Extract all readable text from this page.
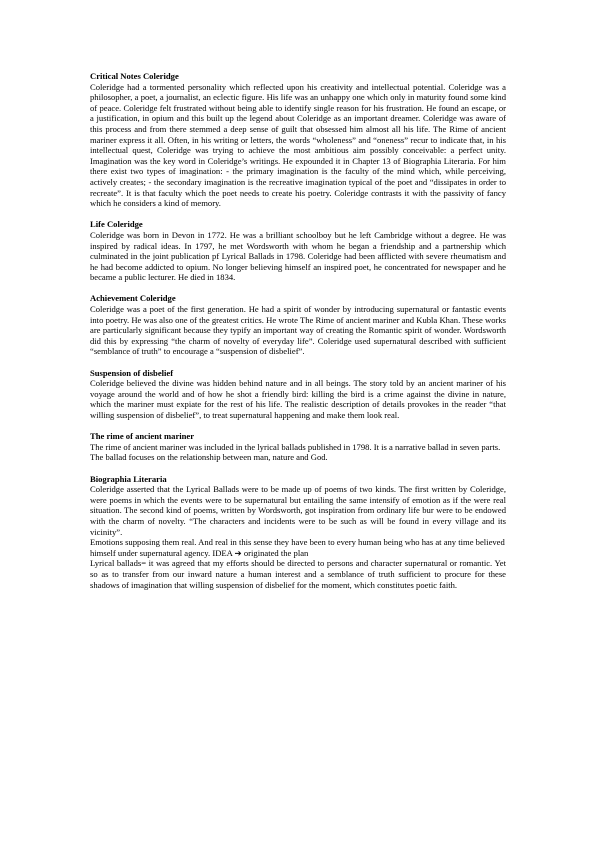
Critical Notes Coleridge

Coleridge had a tormented personality which reflected upon his creativity and intellectual potential. Coleridge was a philosopher, a poet, a journalist, an eclectic figure. His life was an unhappy one which only in maturity found some kind of peace. Coleridge felt frustrated without being able to identify single reason for his frustration. He found an escape, or a justification, in opium and this built up the legend about Coleridge as an important dreamer. Coleridge was aware of this process and from there stemmed a deep sense of guilt that obsessed him almost all his life. The Rime of ancient mariner express it all. Often, in his writing or letters, the words “wholeness” and “oneness” recur to indicate that, in his intellectual quest, Coleridge was trying to achieve the most ambitious aim possibly conceivable: a perfect unity. Imagination was the key word in Coleridge’s writings. He expounded it in Chapter 13 of Biographia Literaria. For him there exist two types of imagination: - the primary imagination is the faculty of the mind which, while perceiving, actively creates; - the secondary imagination is the recreative imagination typical of the poet and “dissipates in order to recreate”. It is that faculty which the poet needs to create his poetry. Coleridge contrasts it with the passivity of fancy which he considers a kind of memory.

Life Coleridge

Coleridge was born in Devon in 1772. He was a brilliant schoolboy but he left Cambridge without a degree. He was inspired by radical ideas. In 1797, he met Wordsworth with whom he began a friendship and a partnership which culminated in the joint publication pf Lyrical Ballads in 1798. Coleridge had been afflicted with severe rheumatism and he had become addicted to opium. No longer believing himself an inspired poet, he concentrated for newspaper and he became a public lecturer. He died in 1834.

Achievement Coleridge

Coleridge was a poet of the first generation. He had a spirit of wonder by introducing supernatural or fantastic events into poetry. He was also one of the greatest critics. He wrote The Rime of ancient mariner and Kubla Khan. These works are particularly significant because they typify an important way of creating the Romantic spirit of wonder. Wordsworth did this by expressing “the charm of novelty of everyday life”. Coleridge used supernatural described with sufficient “semblance of truth” to encourage a “suspension of disbelief”.

Suspension of disbelief

Coleridge believed the divine was hidden behind nature and in all beings. The story told by an ancient mariner of his voyage around the world and of how he shot a friendly bird: killing the bird is a crime against the divine in nature, which the mariner must expiate for the rest of his life. The realistic description of details provokes in the reader “that willing suspension of disbelief”, to treat supernatural happening and make them look real.

The rime of ancient mariner

The rime of ancient mariner was included in the lyrical ballads published in 1798. It is a narrative ballad in seven parts. The ballad focuses on the relationship between man, nature and God.

Biographia Literaria

Coleridge asserted that the Lyrical Ballads were to be made up of poems of two kinds. The first written by Coleridge, were poems in which the events were to be supernatural but entailing the same intensify of emotion as if the were real situation. The second kind of poems, written by Wordsworth, got inspiration from ordinary life bur were to be endowed with the charm of novelty. “The characters and incidents were to be such as will be found in every village and its vicinity”.

Emotions supposing them real. And real in this sense they have been to every human being who has at any time believed himself under supernatural agency. IDEA ➔ originated the plan

Lyrical ballads= it was agreed that my efforts should be directed to persons and character supernatural or romantic. Yet so as to transfer from our inward nature a human interest and a semblance of truth sufficient to procure for these shadows of imagination that willing suspension of disbelief for the moment, which constitutes poetic faith.
